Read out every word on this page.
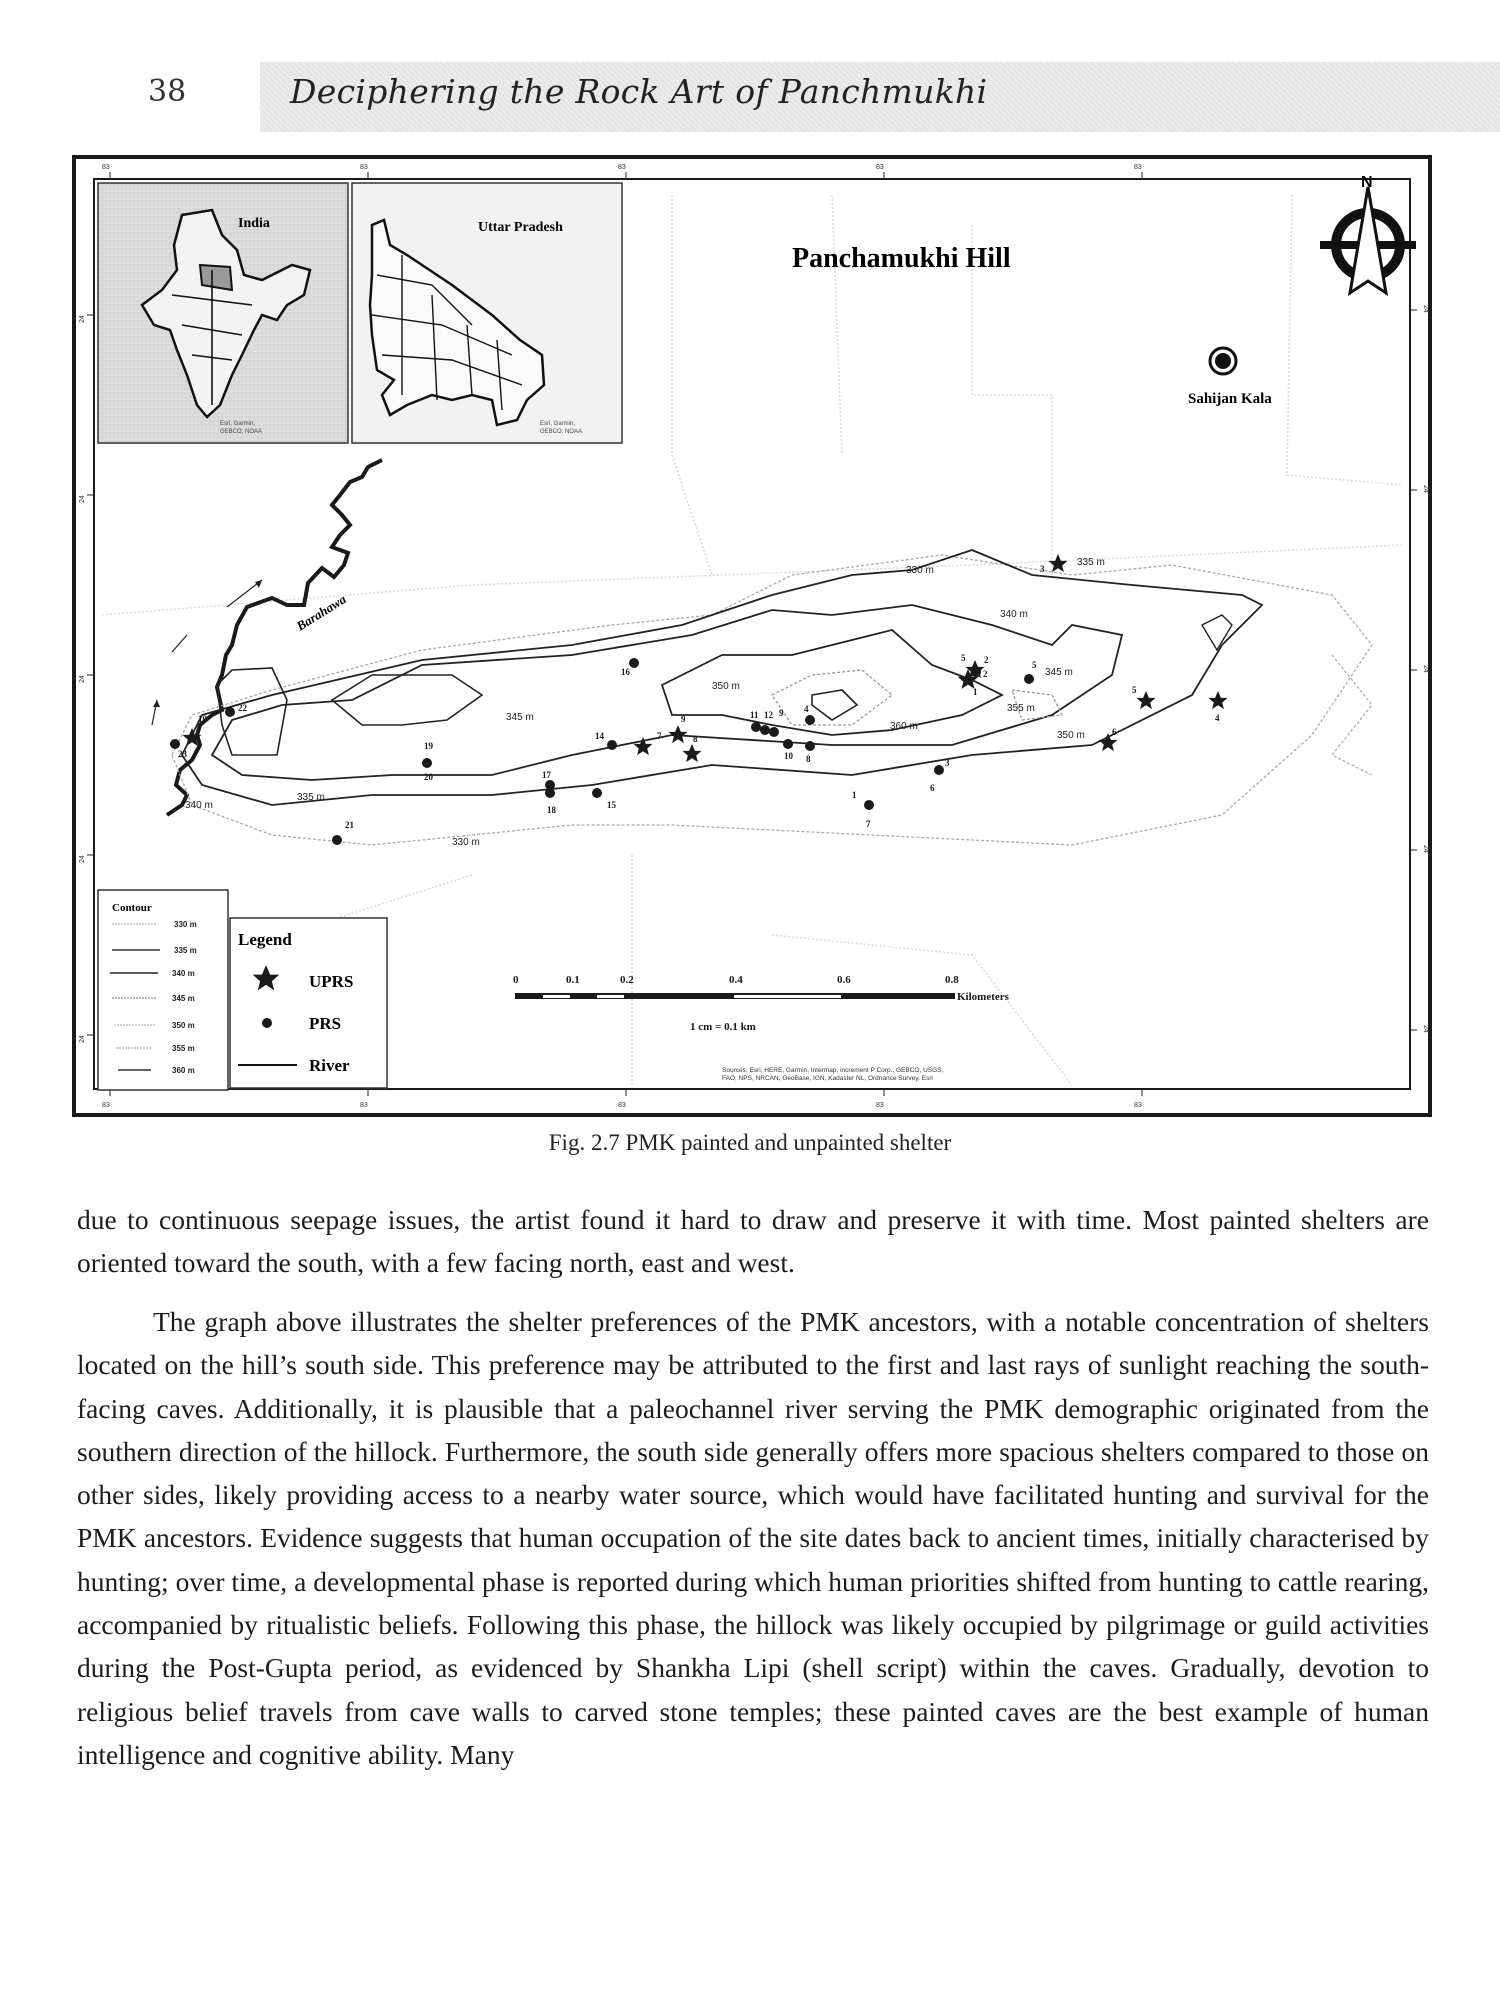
38	Deciphering the Rock Art of Panchmukhi
83	83	83	83	83
83	83	83	83	83
24
24
24
24
24
24
24
24
24
24
India
Esri, Garmin,
GEBCO, NOAA
Uttar Pradesh
Esri, Garmin,
GEBCO, NOAA
Panchamukhi Hill
N
Sahijan Kala
Barahawa
340 m
335 m
330 m
345 m
350 m
360 m
355 m
350 m
330 m
335 m
340 m
345 m
23
22
19
20
21
17
18	15
14
16
11 12 9
10 8
4
1
7
6
3
2	5
10
7
9
8
1
2
5
3
5
4
6
Contour
330 m
335 m
340 m
345 m
350 m
355 m
360 m
Legend
UPRS
PRS
River
0	0.1	0.2	0.4	0.6	0.8
Kilometers
1 cm = 0.1 km
Sources: Esri, HERE, Garmin, Intermap, increment P Corp., GEBCO, USGS,
FAO, NPS, NRCAN, GeoBase, IGN, Kadaster NL, Ordnance Survey, Esri
Fig. 2.7 PMK painted and unpainted shelter

due to continuous seepage issues, the artist found it hard to draw and preserve it with time. Most painted shelters are oriented toward the south, with a few facing north, east and west.

The graph above illustrates the shelter preferences of the PMK ancestors, with a notable concentration of shelters located on the hill’s south side. This preference may be attributed to the first and last rays of sunlight reaching the south-facing caves. Additionally, it is plausible that a paleochannel river serving the PMK demographic originated from the southern direction of the hillock. Furthermore, the south side generally offers more spacious shelters compared to those on other sides, likely providing access to a nearby water source, which would have facilitated hunting and survival for the PMK ancestors. Evidence suggests that human occupation of the site dates back to ancient times, initially characterised by hunting; over time, a developmental phase is reported during which human priorities shifted from hunting to cattle rearing, accompanied by ritualistic beliefs. Following this phase, the hillock was likely occupied by pilgrimage or guild activities during the Post-Gupta period, as evidenced by Shankha Lipi (shell script) within the caves. Gradually, devotion to religious belief travels from cave walls to carved stone temples; these painted caves are the best example of human intelligence and cognitive ability. Many
